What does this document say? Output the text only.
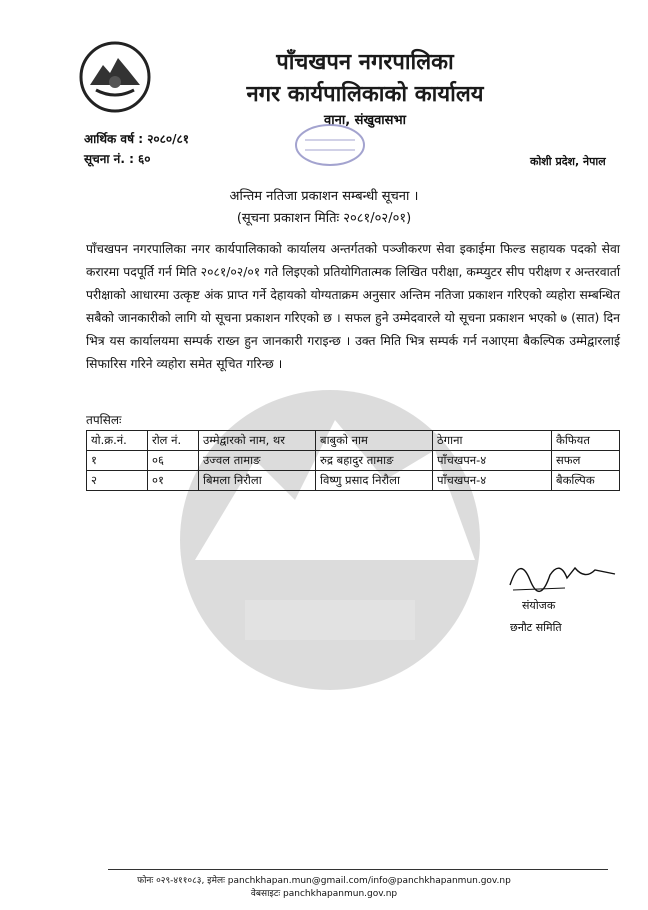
पाँचखपन नगरपालिका
नगर कार्यपालिकाको कार्यालय
वाना, संखुवासभा
आर्थिक वर्ष : २०८०/८१
सूचना नं. : ६०	कोशी प्रदेश, नेपाल
अन्तिम नतिजा प्रकाशन सम्बन्धी सूचना ।
(सूचना प्रकाशन मितिः २०८१/०२/०१)
पाँचखपन नगरपालिका नगर कार्यपालिकाको कार्यालय अन्तर्गतको पञ्जीकरण सेवा इकाईमा फिल्ड सहायक पदको सेवा करारमा पदपूर्ति गर्न मिति २०८१/०२/०१ गते लिइएको प्रतियोगितात्मक लिखित परीक्षा, कम्प्युटर सीप परीक्षण र अन्तरवार्ता परीक्षाको आधारमा उत्कृष्ट अंक प्राप्त गर्ने देहायको योग्यताक्रम अनुसार अन्तिम नतिजा प्रकाशन गरिएको व्यहोरा सम्बन्धित सबैको जानकारीको लागि यो सूचना प्रकाशन गरिएको छ । सफल हुने उम्मेदवारले यो सूचना प्रकाशन भएको ७ (सात) दिन भित्र यस कार्यालयमा सम्पर्क राख्न हुन जानकारी गराइन्छ । उक्त मिति भित्र सम्पर्क गर्न नआएमा बैकल्पिक उम्मेद्वारलाई सिफारिस गरिने व्यहोरा समेत सूचित गरिन्छ ।
तपसिलः
यो.क्र.नं.	रोल नं.	उम्मेद्वारको नाम, थर	बाबुको नाम	ठेगाना	कैफियत
१	०६	उज्वल तामाङ	रुद्र बहादुर तामाङ	पाँचखपन-४	सफल
२	०१	बिमला निरौला	विष्णु प्रसाद निरौला	पाँचखपन-४	बैकल्पिक
संयोजक
छनौट समिति
फोनः ०२९-४११०८३, इमेलः panchkhapan.mun@gmail.com/info@panchkhapanmun.gov.np
वेबसाइटः panchkhapanmun.gov.np
